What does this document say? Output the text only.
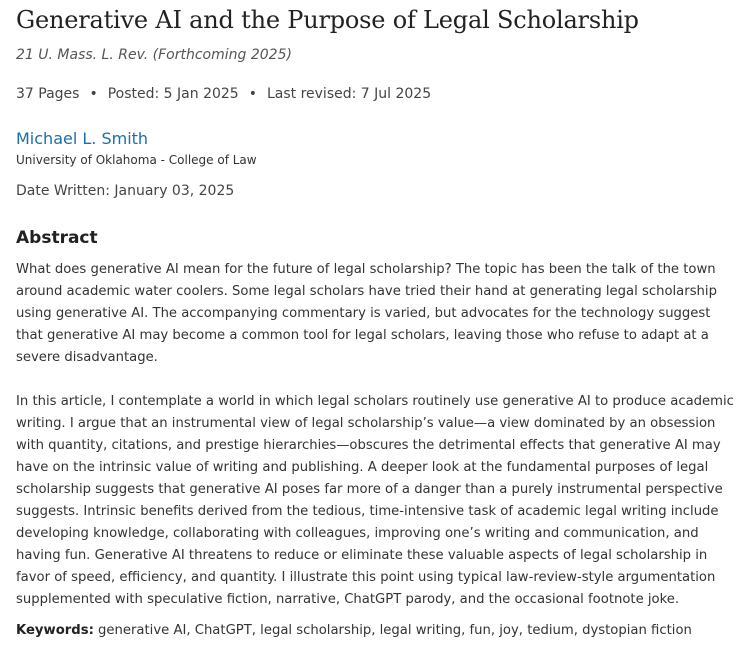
Generative AI and the Purpose of Legal Scholarship
21 U. Mass. L. Rev. (Forthcoming 2025)
37 Pages • Posted: 5 Jan 2025 • Last revised: 7 Jul 2025
Michael L. Smith
University of Oklahoma - College of Law
Date Written: January 03, 2025
Abstract

What does generative AI mean for the future of legal scholarship? The topic has been the talk of the town around academic water coolers. Some legal scholars have tried their hand at generating legal scholarship using generative AI. The accompanying commentary is varied, but advocates for the technology suggest that generative AI may become a common tool for legal scholars, leaving those who refuse to adapt at a severe disadvantage.

In this article, I contemplate a world in which legal scholars routinely use generative AI to produce academic writing. I argue that an instrumental view of legal scholarship’s value—a view dominated by an obsession with quantity, citations, and prestige hierarchies—obscures the detrimental effects that generative AI may have on the intrinsic value of writing and publishing. A deeper look at the fundamental purposes of legal scholarship suggests that generative AI poses far more of a danger than a purely instrumental perspective suggests. Intrinsic benefits derived from the tedious, time-intensive task of academic legal writing include developing knowledge, collaborating with colleagues, improving one’s writing and communication, and having fun. Generative AI threatens to reduce or eliminate these valuable aspects of legal scholarship in favor of speed, efficiency, and quantity. I illustrate this point using typical law-review-style argumentation supplemented with speculative fiction, narrative, ChatGPT parody, and the occasional footnote joke.

Keywords: generative AI, ChatGPT, legal scholarship, legal writing, fun, joy, tedium, dystopian fiction
